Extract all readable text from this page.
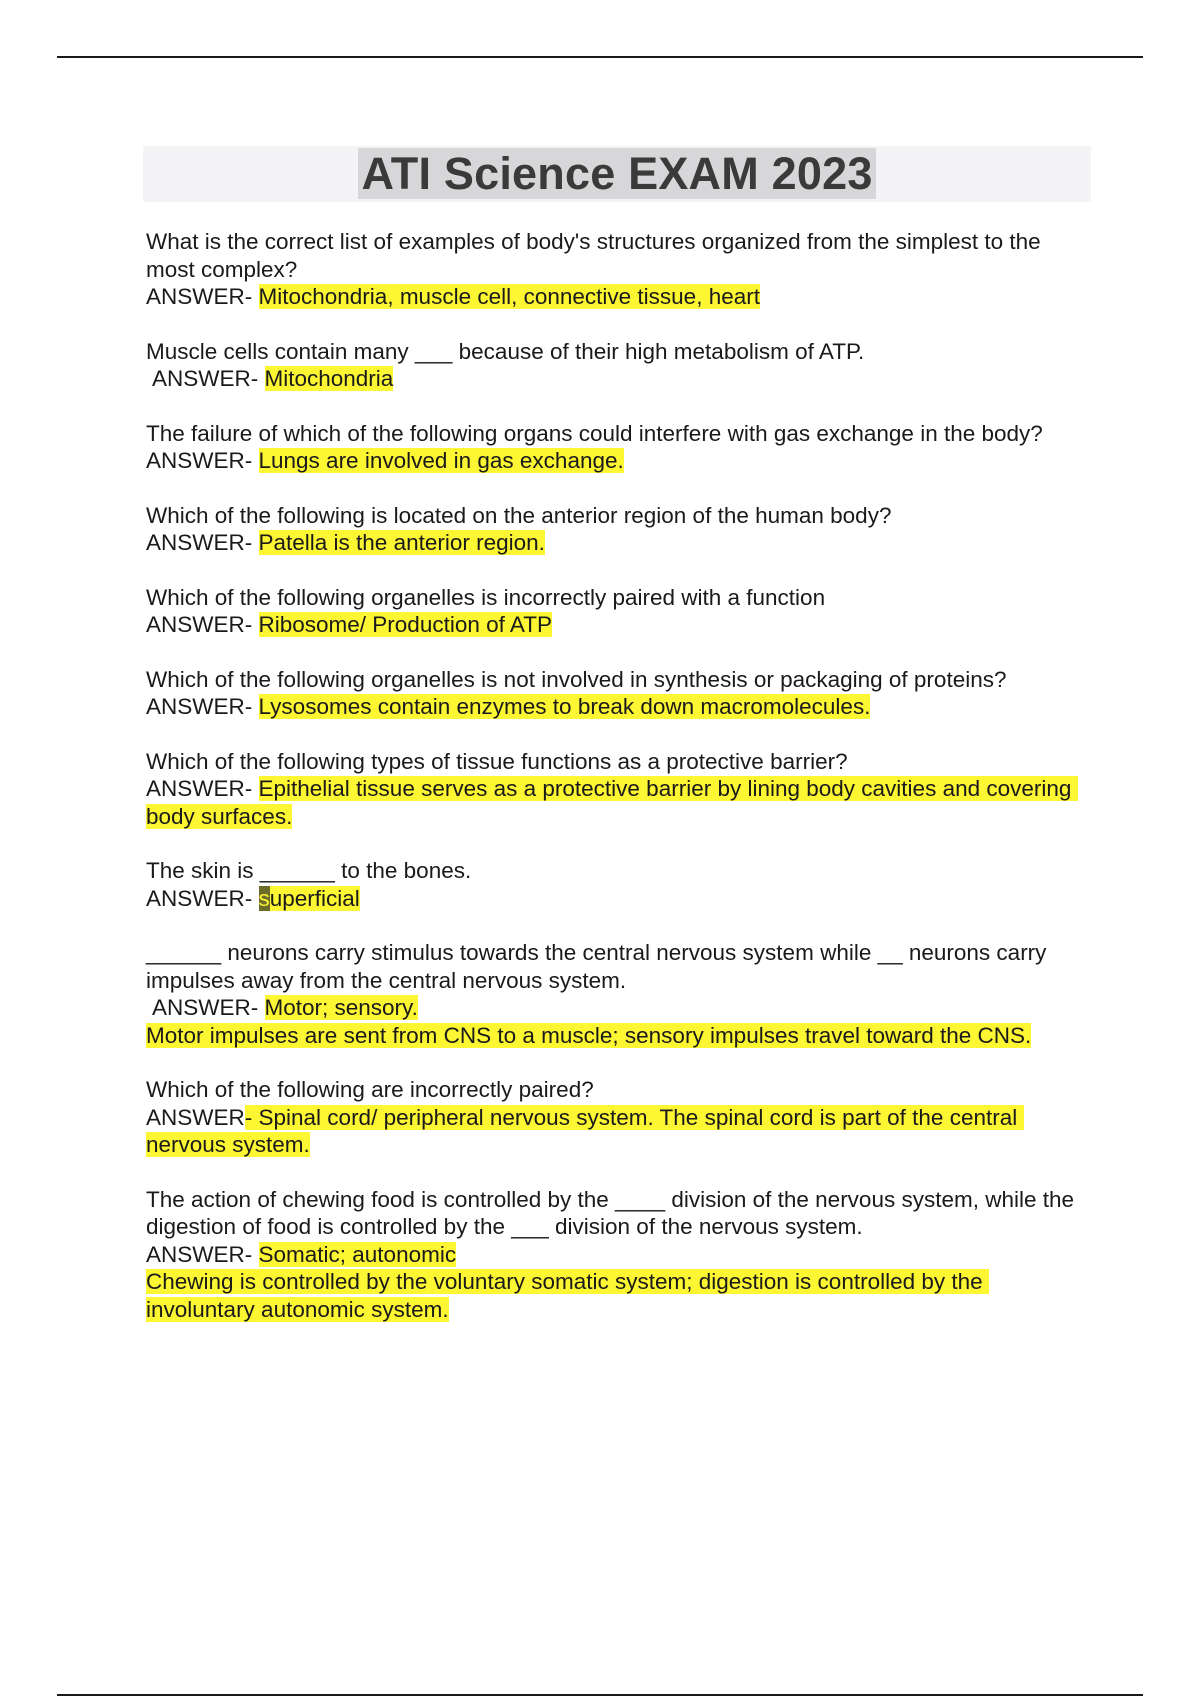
ATI Science EXAM 2023
What is the correct list of examples of body's structures organized from the simplest to the most complex?
ANSWER- Mitochondria, muscle cell, connective tissue, heart
Muscle cells contain many ___ because of their high metabolism of ATP.
ANSWER- Mitochondria
The failure of which of the following organs could interfere with gas exchange in the body?
ANSWER- Lungs are involved in gas exchange.
Which of the following is located on the anterior region of the human body?
ANSWER- Patella is the anterior region.
Which of the following organelles is incorrectly paired with a function
ANSWER- Ribosome/ Production of ATP
Which of the following organelles is not involved in synthesis or packaging of proteins?
ANSWER- Lysosomes contain enzymes to break down macromolecules.
Which of the following types of tissue functions as a protective barrier?
ANSWER- Epithelial tissue serves as a protective barrier by lining body cavities and covering body surfaces.
The skin is ______ to the bones.
ANSWER- superficial
______ neurons carry stimulus towards the central nervous system while __ neurons carry impulses away from the central nervous system.
ANSWER- Motor; sensory.
Motor impulses are sent from CNS to a muscle; sensory impulses travel toward the CNS.
Which of the following are incorrectly paired?
ANSWER- Spinal cord/ peripheral nervous system. The spinal cord is part of the central nervous system.
The action of chewing food is controlled by the ____ division of the nervous system, while the digestion of food is controlled by the ___ division of the nervous system.
ANSWER- Somatic; autonomic
Chewing is controlled by the voluntary somatic system; digestion is controlled by the involuntary autonomic system.
